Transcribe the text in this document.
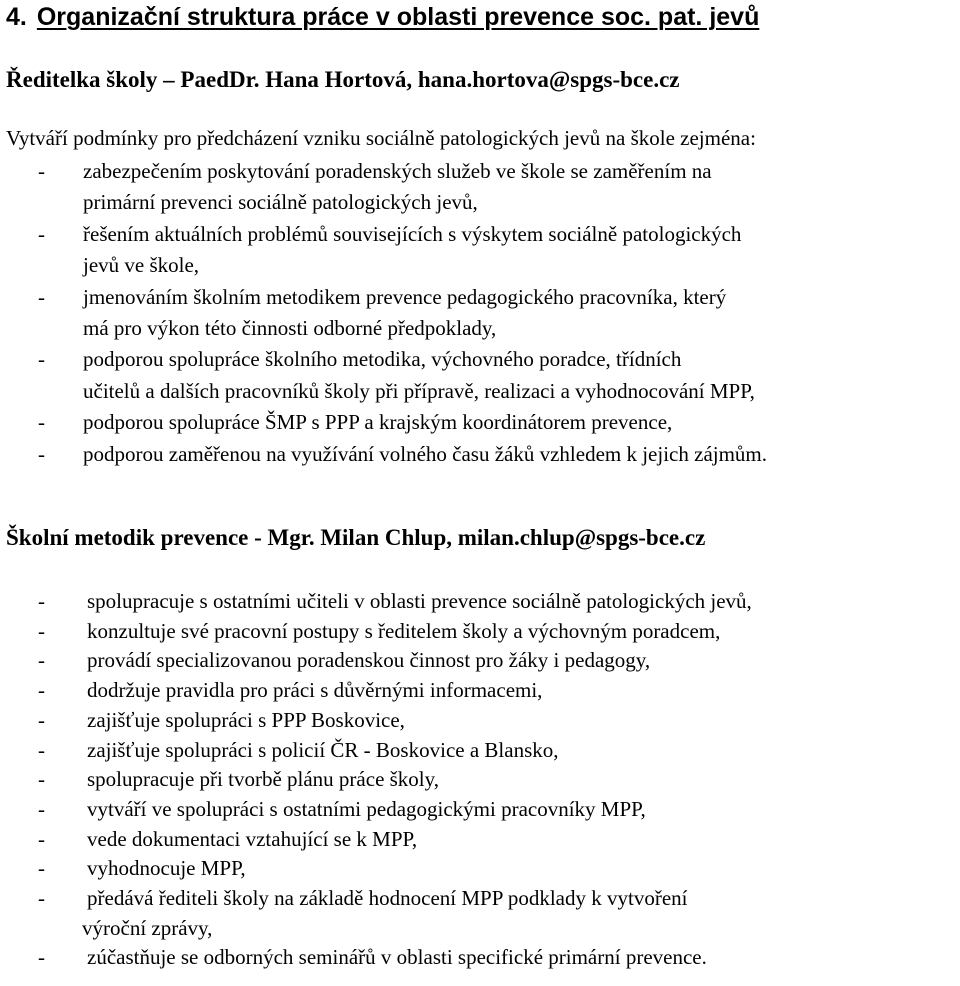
4. Organizační struktura práce v oblasti prevence soc. pat. jevů
Ředitelka školy – PaedDr. Hana Hortová, hana.hortova@spgs-bce.cz
Vytváří podmínky pro předcházení vzniku sociálně patologických jevů na škole zejména:
-	zabezpečením poskytování poradenských služeb ve škole se zaměřením na
primární prevenci sociálně patologických jevů,
-	řešením aktuálních problémů souvisejících s výskytem sociálně patologických
jevů ve škole,
-	jmenováním školním metodikem prevence pedagogického pracovníka, který
má pro výkon této činnosti odborné předpoklady,
-	podporou spolupráce školního metodika, výchovného poradce, třídních
učitelů a dalších pracovníků školy při přípravě, realizaci a vyhodnocování MPP,
-	podporou spolupráce ŠMP s PPP a krajským koordinátorem prevence,
-	podporou zaměřenou na využívání volného času žáků vzhledem k jejich zájmům.
Školní metodik prevence - Mgr. Milan Chlup, milan.chlup@spgs-bce.cz
-	spolupracuje s ostatními učiteli v oblasti prevence sociálně patologických jevů,
-	konzultuje své pracovní postupy s ředitelem školy a výchovným poradcem,
-	provádí specializovanou poradenskou činnost pro žáky i pedagogy,
-	dodržuje pravidla pro práci s důvěrnými informacemi,
-	zajišťuje spolupráci s PPP Boskovice,
-	zajišťuje spolupráci s policií ČR - Boskovice a Blansko,
-	spolupracuje při tvorbě plánu práce školy,
-	vytváří ve spolupráci s ostatními pedagogickými pracovníky MPP,
-	vede dokumentaci vztahující se k MPP,
-	vyhodnocuje MPP,
-	předává řediteli školy na základě hodnocení MPP podklady k vytvoření
výroční zprávy,
-	zúčastňuje se odborných seminářů v oblasti specifické primární prevence.
